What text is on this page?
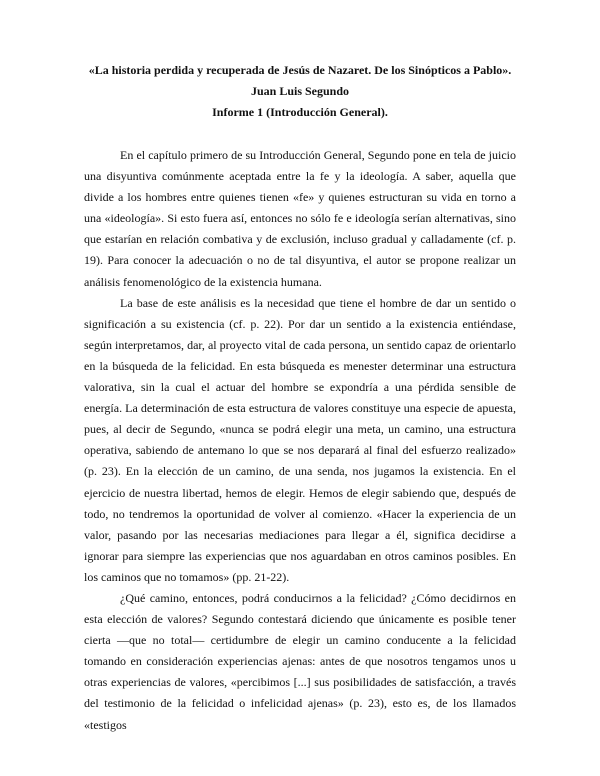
«La historia perdida y recuperada de Jesús de Nazaret. De los Sinópticos a Pablo».
Juan Luis Segundo
Informe 1 (Introducción General).

En el capítulo primero de su Introducción General, Segundo pone en tela de juicio una disyuntiva comúnmente aceptada entre la fe y la ideología. A saber, aquella que divide a los hombres entre quienes tienen «fe» y quienes estructuran su vida en torno a una «ideología». Si esto fuera así, entonces no sólo fe e ideología serían alternativas, sino que estarían en relación combativa y de exclusión, incluso gradual y calladamente (cf. p. 19). Para conocer la adecuación o no de tal disyuntiva, el autor se propone realizar un análisis fenomenológico de la existencia humana.

La base de este análisis es la necesidad que tiene el hombre de dar un sentido o significación a su existencia (cf. p. 22). Por dar un sentido a la existencia entiéndase, según interpretamos, dar, al proyecto vital de cada persona, un sentido capaz de orientarlo en la búsqueda de la felicidad. En esta búsqueda es menester determinar una estructura valorativa, sin la cual el actuar del hombre se expondría a una pérdida sensible de energía. La determinación de esta estructura de valores constituye una especie de apuesta, pues, al decir de Segundo, «nunca se podrá elegir una meta, un camino, una estructura operativa, sabiendo de antemano lo que se nos deparará al final del esfuerzo realizado» (p. 23). En la elección de un camino, de una senda, nos jugamos la existencia. En el ejercicio de nuestra libertad, hemos de elegir. Hemos de elegir sabiendo que, después de todo, no tendremos la oportunidad de volver al comienzo. «Hacer la experiencia de un valor, pasando por las necesarias mediaciones para llegar a él, significa decidirse a ignorar para siempre las experiencias que nos aguardaban en otros caminos posibles. En los caminos que no tomamos» (pp. 21-22).

¿Qué camino, entonces, podrá conducirnos a la felicidad? ¿Cómo decidirnos en esta elección de valores? Segundo contestará diciendo que únicamente es posible tener cierta —que no total— certidumbre de elegir un camino conducente a la felicidad tomando en consideración experiencias ajenas: antes de que nosotros tengamos unos u otras experiencias de valores, «percibimos [...] sus posibilidades de satisfacción, a través del testimonio de la felicidad o infelicidad ajenas» (p. 23), esto es, de los llamados «testigos
